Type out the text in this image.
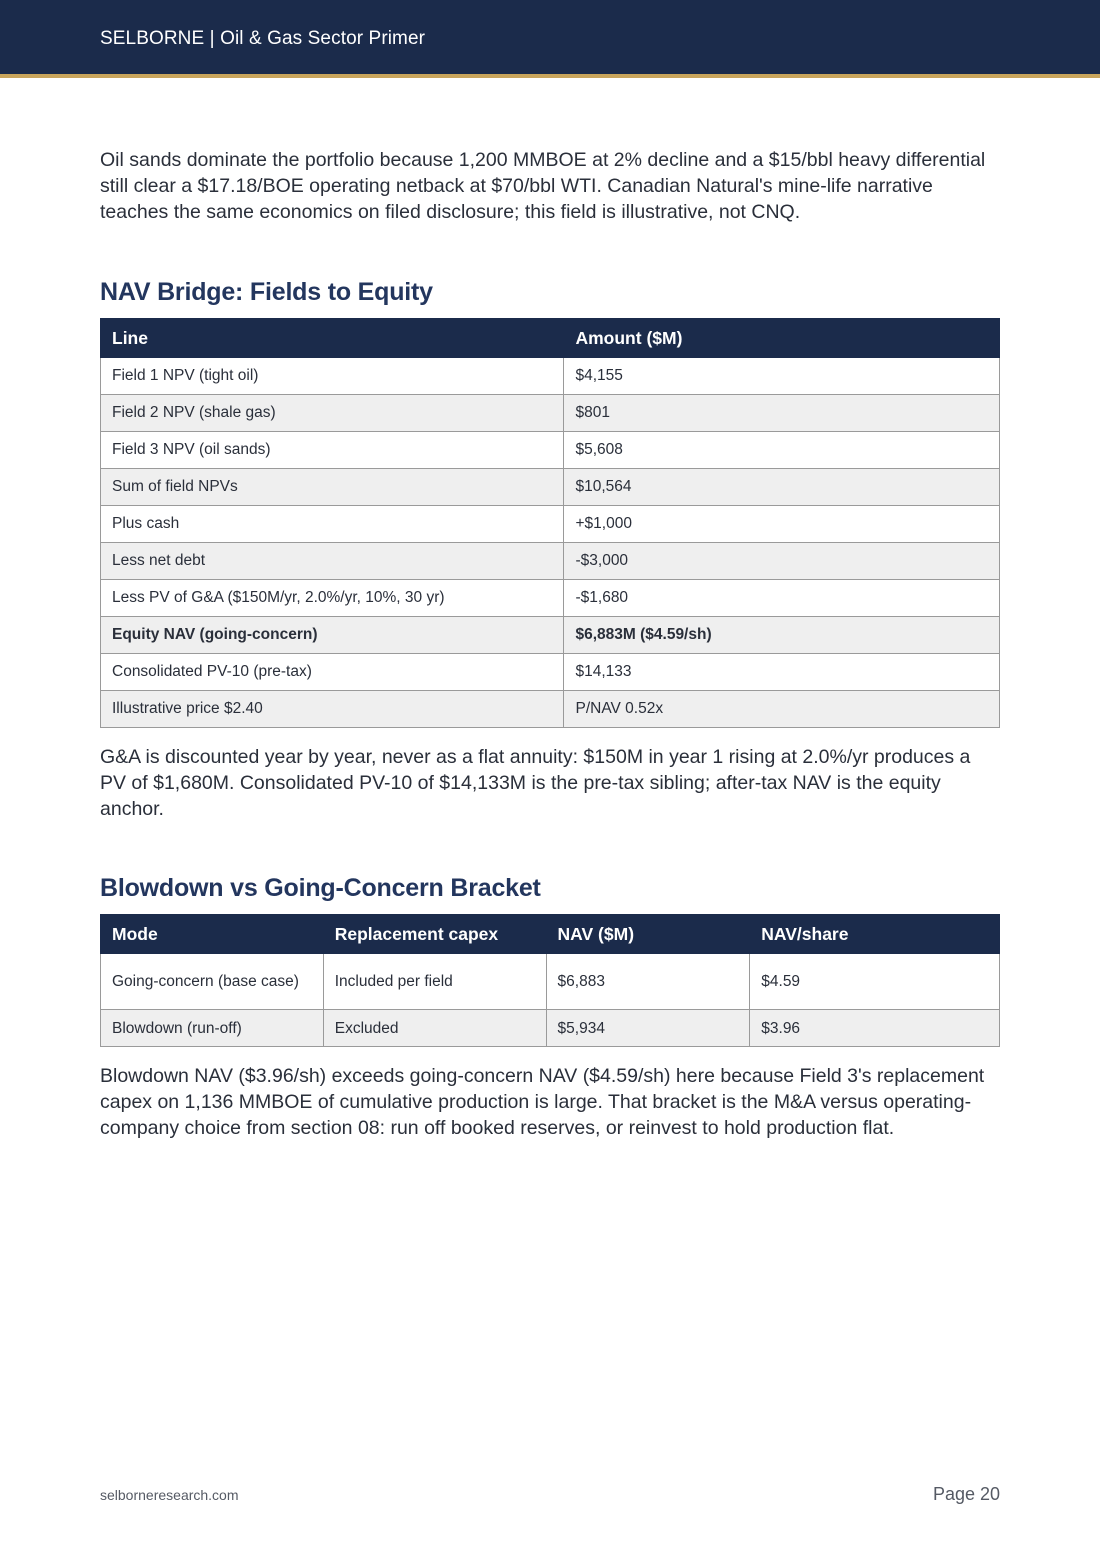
SELBORNE | Oil & Gas Sector Primer

Oil sands dominate the portfolio because 1,200 MMBOE at 2% decline and a $15/bbl heavy differential still clear a $17.18/BOE operating netback at $70/bbl WTI. Canadian Natural's mine-life narrative teaches the same economics on filed disclosure; this field is illustrative, not CNQ.

NAV Bridge: Fields to Equity
Line	Amount ($M)
Field 1 NPV (tight oil)	$4,155
Field 2 NPV (shale gas)	$801
Field 3 NPV (oil sands)	$5,608
Sum of field NPVs	$10,564
Plus cash	+$1,000
Less net debt	-$3,000
Less PV of G&A ($150M/yr, 2.0%/yr, 10%, 30 yr)	-$1,680
Equity NAV (going-concern)	$6,883M ($4.59/sh)
Consolidated PV-10 (pre-tax)	$14,133
Illustrative price $2.40	P/NAV 0.52x

G&A is discounted year by year, never as a flat annuity: $150M in year 1 rising at 2.0%/yr produces a PV of $1,680M. Consolidated PV-10 of $14,133M is the pre-tax sibling; after-tax NAV is the equity anchor.

Blowdown vs Going-Concern Bracket
Mode	Replacement capex	NAV ($M)	NAV/share
Going-concern (base case)	Included per field	$6,883	$4.59
Blowdown (run-off)	Excluded	$5,934	$3.96

Blowdown NAV ($3.96/sh) exceeds going-concern NAV ($4.59/sh) here because Field 3's replacement capex on 1,136 MMBOE of cumulative production is large. That bracket is the M&A versus operating-company choice from section 08: run off booked reserves, or reinvest to hold production flat.

selborneresearch.com	Page 20
